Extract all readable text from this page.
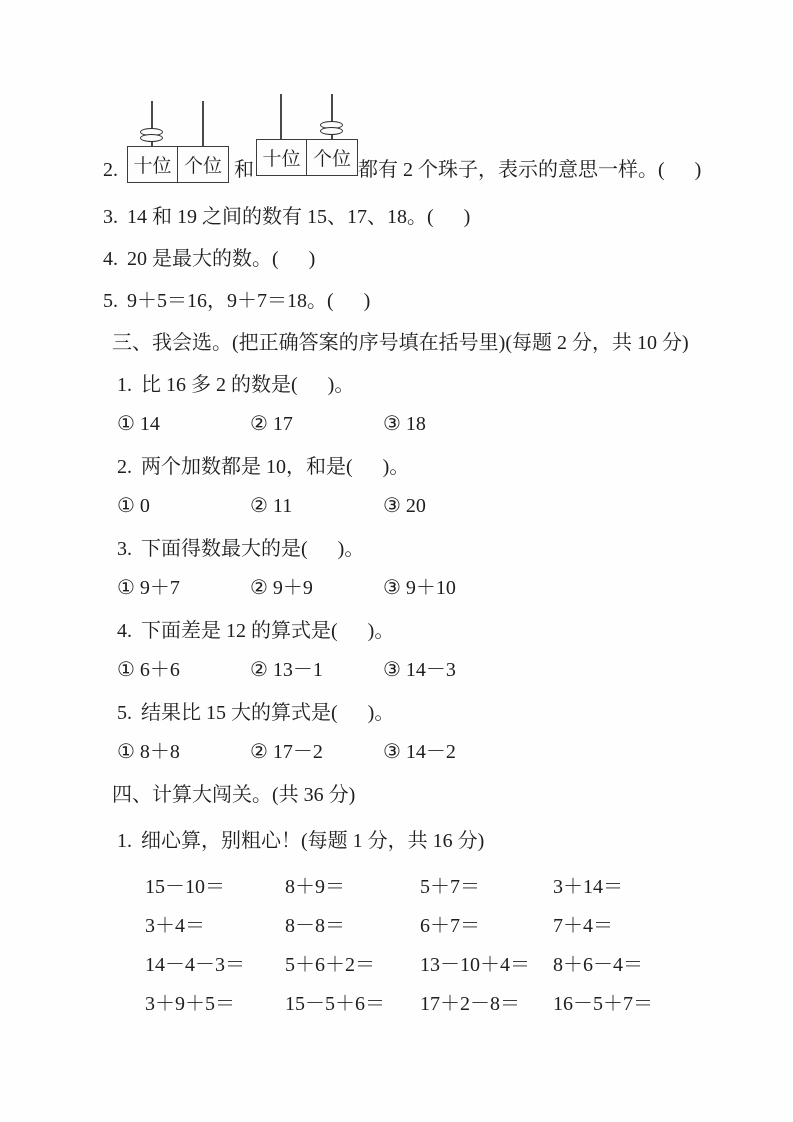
2. 十位 个位 和 十位 个位 都有 2 个珠子，表示的意思一样。(      )

3. 14 和 19 之间的数有 15、17、18。(      )

4. 20 是最大的数。(      )

5. 9＋5＝16，9＋7＝18。(      )

三、我会选。(把正确答案的序号填在括号里)(每题 2 分，共 10 分)

1. 比 16 多 2 的数是(      )。

① 14	② 17	③ 18

2. 两个加数都是 10，和是(      )。

① 0	② 11	③ 20

3. 下面得数最大的是(      )。

① 9＋7	② 9＋9	③ 9＋10

4. 下面差是 12 的算式是(      )。

① 6＋6	② 13－1	③ 14－3

5. 结果比 15 大的算式是(      )。

① 8＋8	② 17－2	③ 14－2

四、计算大闯关。(共 36 分)

1. 细心算，别粗心！(每题 1 分，共 16 分)

15－10＝	8＋9＝	5＋7＝	3＋14＝
3＋4＝	8－8＝	6＋7＝	7＋4＝
14－4－3＝	5＋6＋2＝	13－10＋4＝	8＋6－4＝
3＋9＋5＝	15－5＋6＝	17＋2－8＝	16－5＋7＝
